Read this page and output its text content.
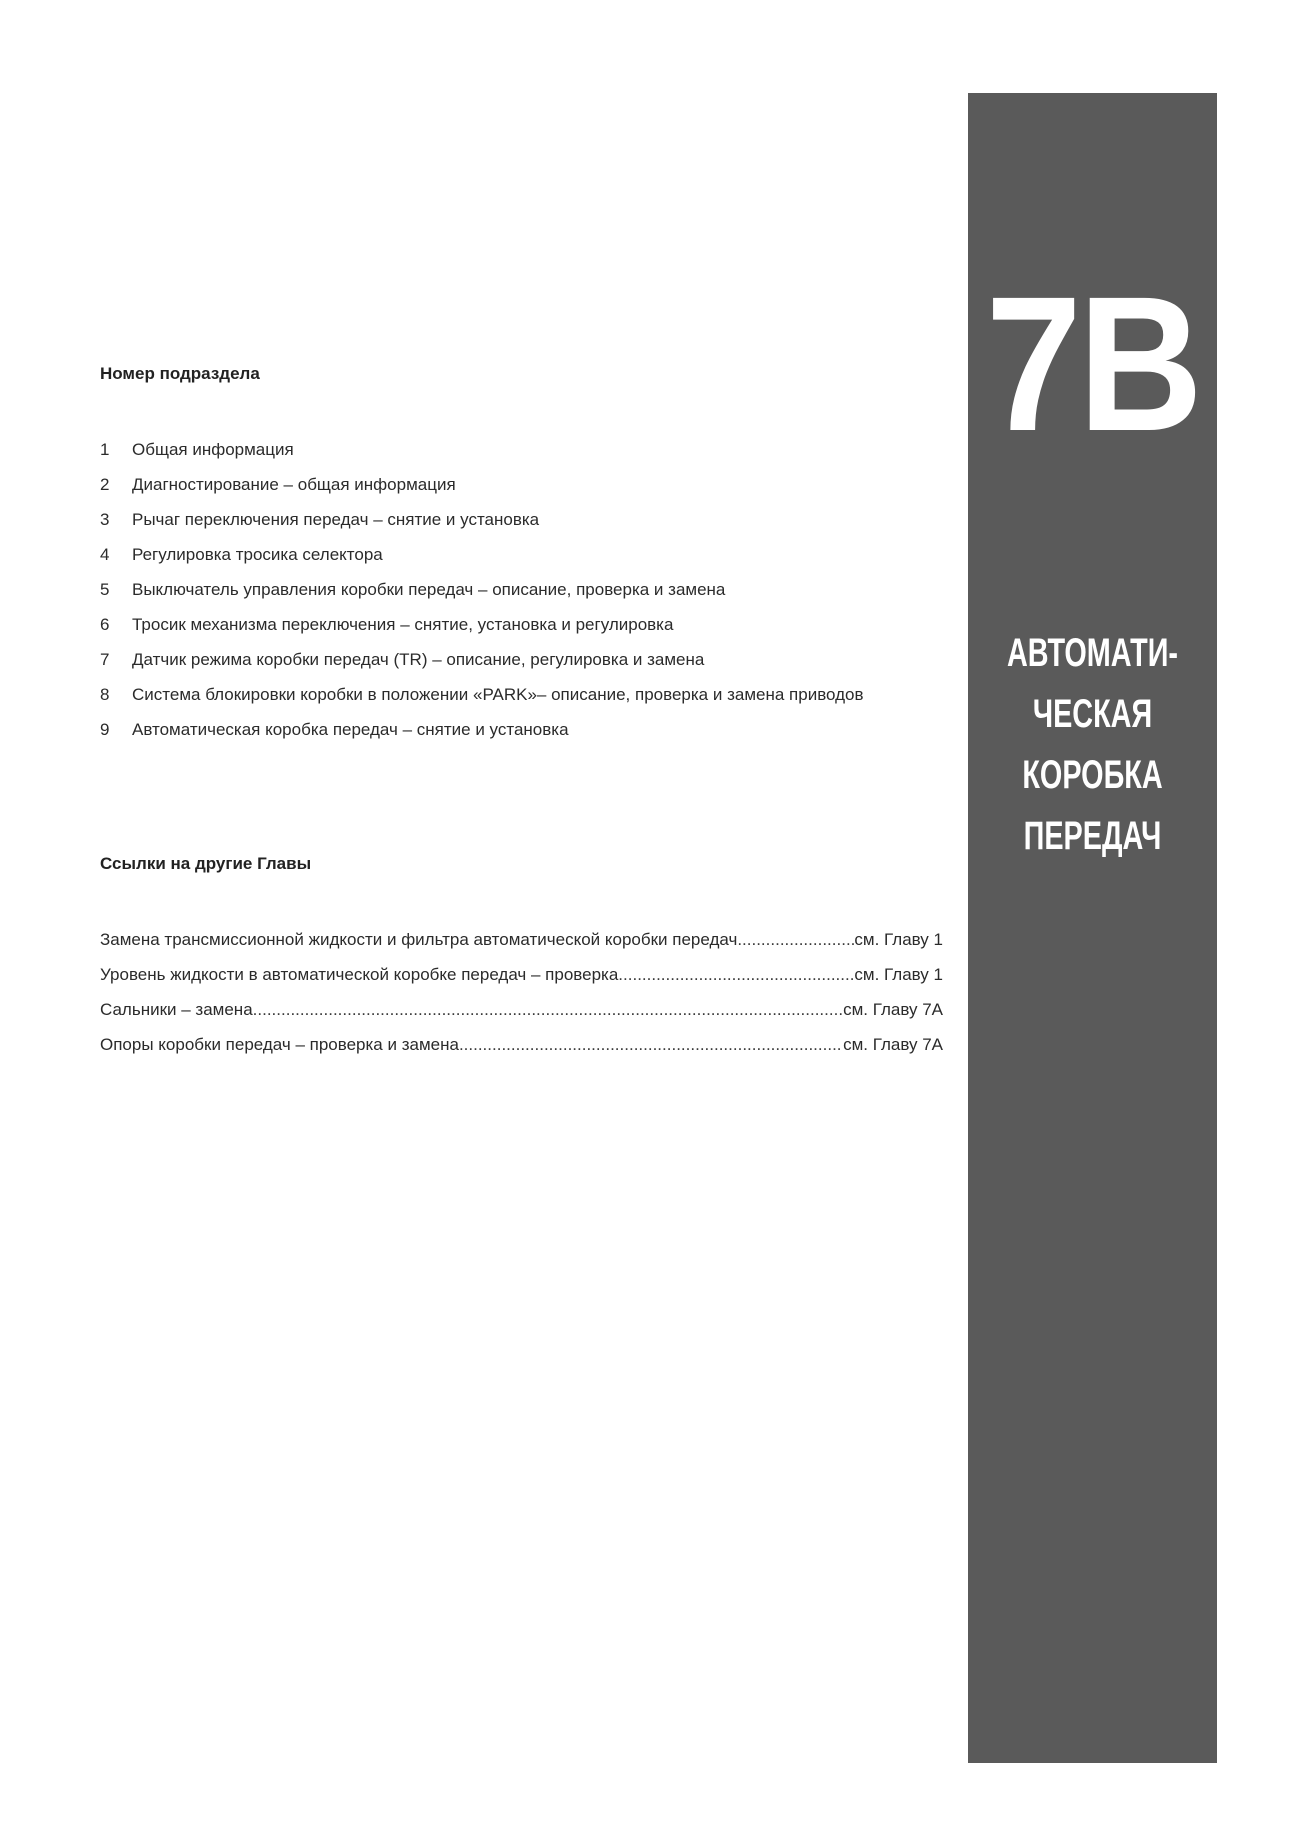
Номер подраздела
1	Общая информация
2	Диагностирование – общая информация
3	Рычаг переключения передач – снятие и установка
4	Регулировка тросика селектора
5	Выключатель управления коробки передач – описание, проверка и замена
6	Тросик механизма переключения – снятие, установка и регулировка
7	Датчик режима коробки передач (TR) – описание, регулировка и замена
8	Система блокировки коробки в положении «PARK»– описание, проверка и замена приводов
9	Автоматическая коробка передач – снятие и установка
Ссылки на другие Главы
Замена трансмиссионной жидкости и фильтра автоматической коробки передач .....	см. Главу 1
Уровень жидкости в автоматической коробке передач – проверка .....	см. Главу 1
Сальники – замена .....	см. Главу 7А
Опоры коробки передач – проверка и замена .....	см. Главу 7А
7B
АВТОМАТИ-
ЧЕСКАЯ
КОРОБКА
ПЕРЕДАЧ
